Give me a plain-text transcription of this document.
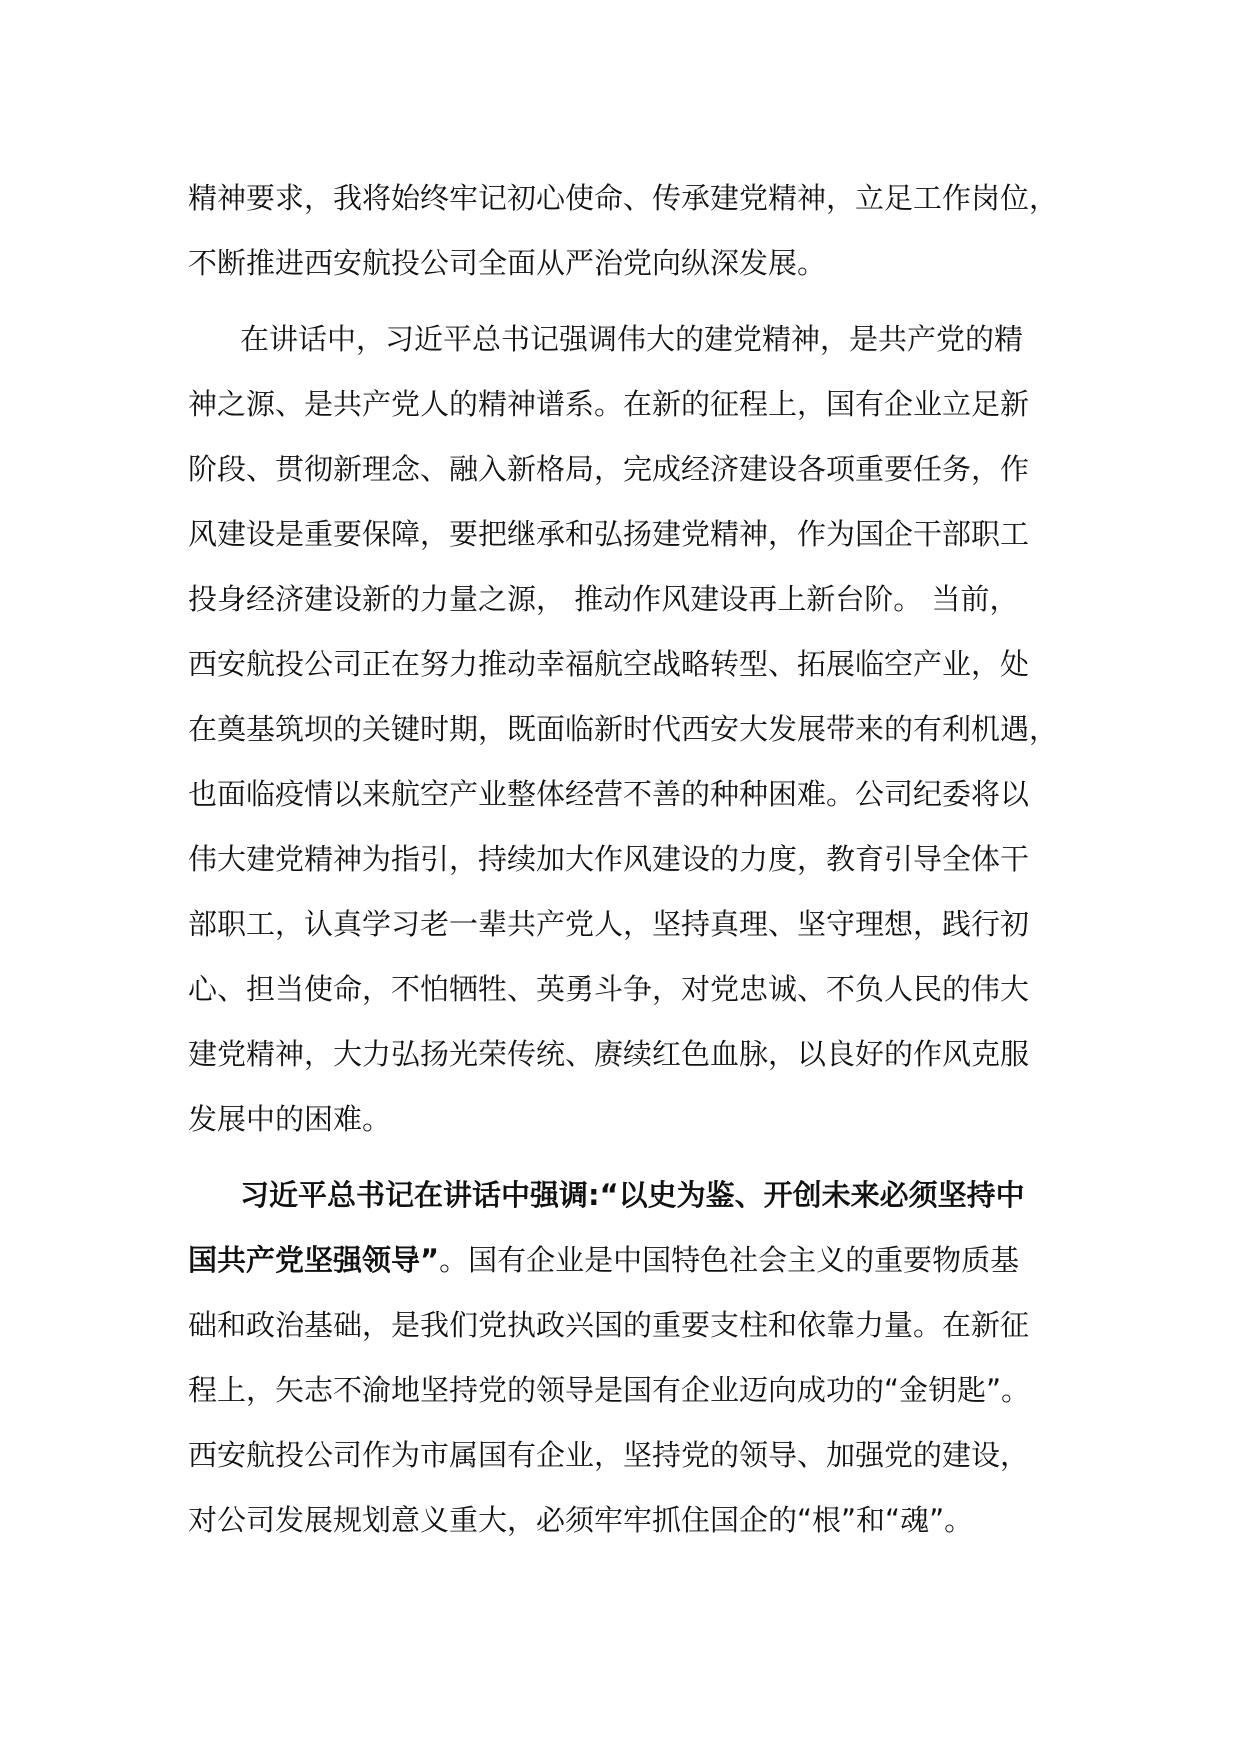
精神要求，我将始终牢记初心使命、传承建党精神，立足工作岗位，
不断推进西安航投公司全面从严治党向纵深发展。
在讲话中，习近平总书记强调伟大的建党精神，是共产党的精
神之源、是共产党人的精神谱系。在新的征程上，国有企业立足新
阶段、贯彻新理念、融入新格局，完成经济建设各项重要任务，作
风建设是重要保障，要把继承和弘扬建党精神，作为国企干部职工
投身经济建设新的力量之源， 推动作风建设再上新台阶。 当前，
西安航投公司正在努力推动幸福航空战略转型、拓展临空产业，处
在奠基筑坝的关键时期，既面临新时代西安大发展带来的有利机遇，
也面临疫情以来航空产业整体经营不善的种种困难。公司纪委将以
伟大建党精神为指引，持续加大作风建设的力度，教育引导全体干
部职工，认真学习老一辈共产党人，坚持真理、坚守理想，践行初
心、担当使命，不怕牺牲、英勇斗争，对党忠诚、不负人民的伟大
建党精神，大力弘扬光荣传统、赓续红色血脉，以良好的作风克服
发展中的困难。
习近平总书记在讲话中强调:“以史为鉴、开创未来必须坚持中
国共产党坚强领导”。国有企业是中国特色社会主义的重要物质基
础和政治基础，是我们党执政兴国的重要支柱和依靠力量。在新征
程上，矢志不渝地坚持党的领导是国有企业迈向成功的“金钥匙”。
西安航投公司作为市属国有企业，坚持党的领导、加强党的建设，
对公司发展规划意义重大，必须牢牢抓住国企的“根”和“魂”。
